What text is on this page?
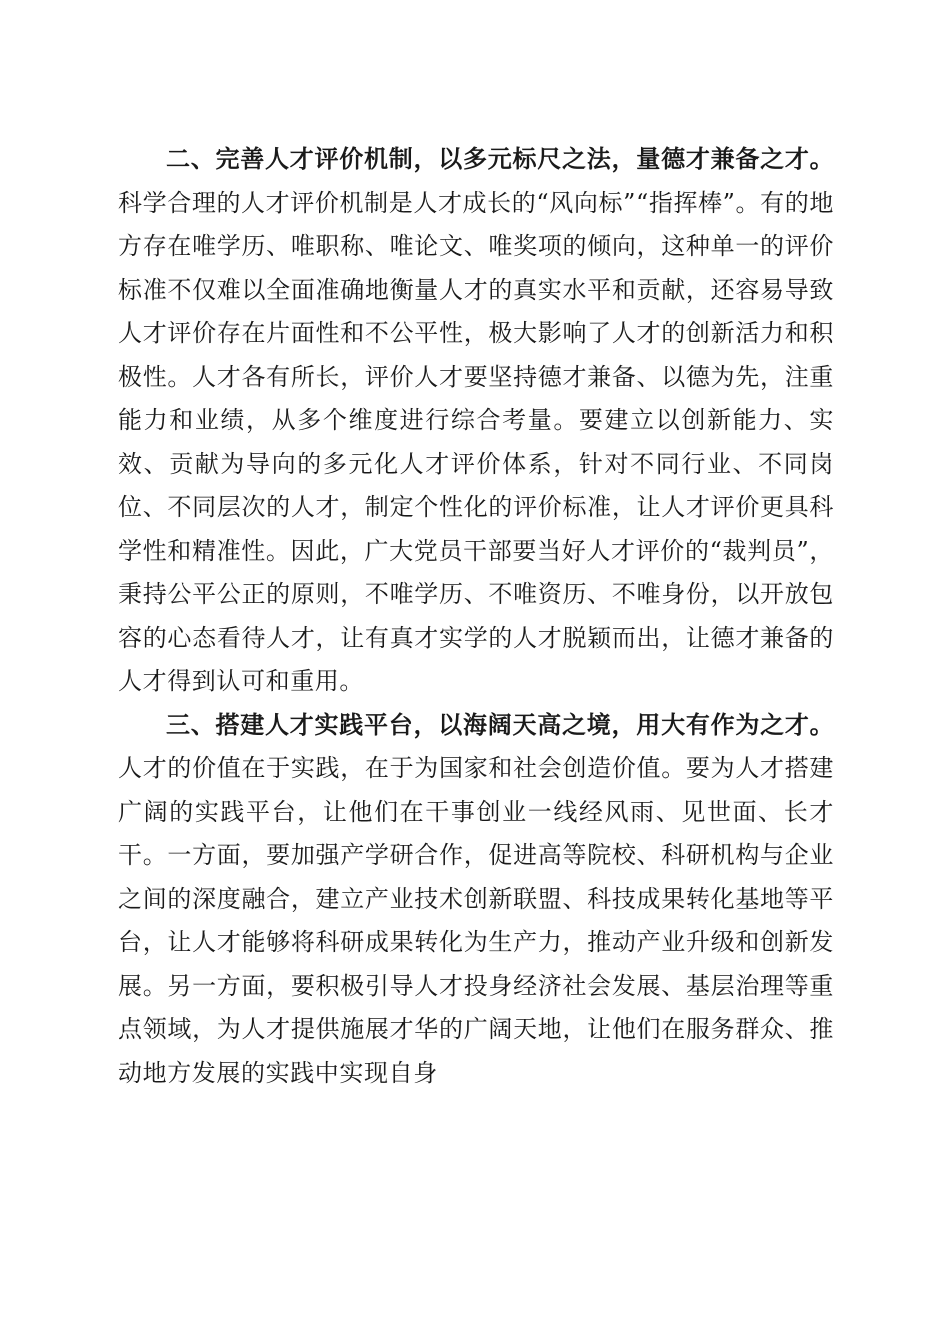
二、完善人才评价机制，以多元标尺之法，量德才兼备之才。科学合理的人才评价机制是人才成长的“风向标”“指挥棒”。有的地方存在唯学历、唯职称、唯论文、唯奖项的倾向，这种单一的评价标准不仅难以全面准确地衡量人才的真实水平和贡献，还容易导致人才评价存在片面性和不公平性，极大影响了人才的创新活力和积极性。人才各有所长，评价人才要坚持德才兼备、以德为先，注重能力和业绩，从多个维度进行综合考量。要建立以创新能力、实效、贡献为导向的多元化人才评价体系，针对不同行业、不同岗位、不同层次的人才，制定个性化的评价标准，让人才评价更具科学性和精准性。因此，广大党员干部要当好人才评价的“裁判员”，秉持公平公正的原则，不唯学历、不唯资历、不唯身份，以开放包容的心态看待人才，让有真才实学的人才脱颖而出，让德才兼备的人才得到认可和重用。

三、搭建人才实践平台，以海阔天高之境，用大有作为之才。人才的价值在于实践，在于为国家和社会创造价值。要为人才搭建广阔的实践平台，让他们在干事创业一线经风雨、见世面、长才干。一方面，要加强产学研合作，促进高等院校、科研机构与企业之间的深度融合，建立产业技术创新联盟、科技成果转化基地等平台，让人才能够将科研成果转化为生产力，推动产业升级和创新发展。另一方面，要积极引导人才投身经济社会发展、基层治理等重点领域，为人才提供施展才华的广阔天地，让他们在服务群众、推动地方发展的实践中实现自身
